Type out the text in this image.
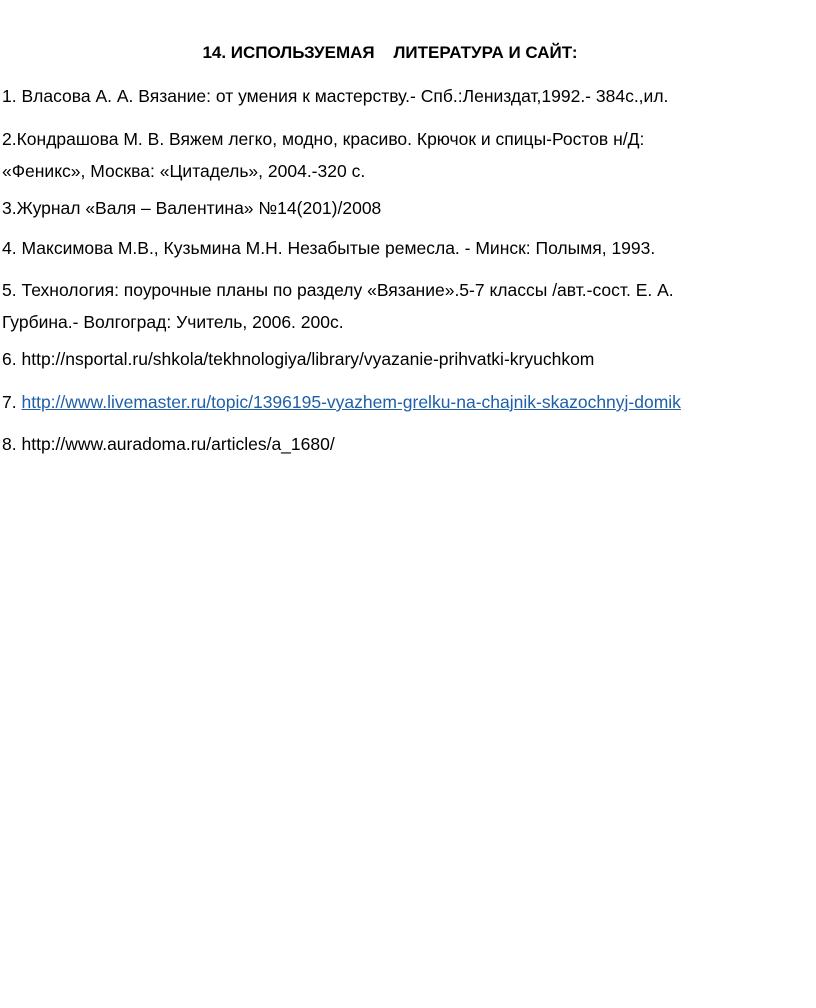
14. ИСПОЛЬЗУЕМАЯ    ЛИТЕРАТУРА И САЙТ:
1. Власова А. А. Вязание: от умения к мастерству.- Спб.:Лениздат,1992.- 384с.,ил.
2.Кондрашова М. В. Вяжем легко, модно, красиво. Крючок и спицы-Ростов н/Д:
«Феникс», Москва: «Цитадель», 2004.-320 с.
3.Журнал «Валя – Валентина» №14(201)/2008
4. Максимова М.В., Кузьмина М.Н. Незабытые ремесла. - Минск: Полымя, 1993.
5. Технология: поурочные планы по разделу «Вязание».5-7 классы /авт.-сост. Е. А.
Гурбина.- Волгоград: Учитель, 2006. 200с.
6. http://nsportal.ru/shkola/tekhnologiya/library/vyazanie-prihvatki-kryuchkom
7. http://www.livemaster.ru/topic/1396195-vyazhem-grelku-na-chajnik-skazochnyj-domik
8. http://www.auradoma.ru/articles/a_1680/
